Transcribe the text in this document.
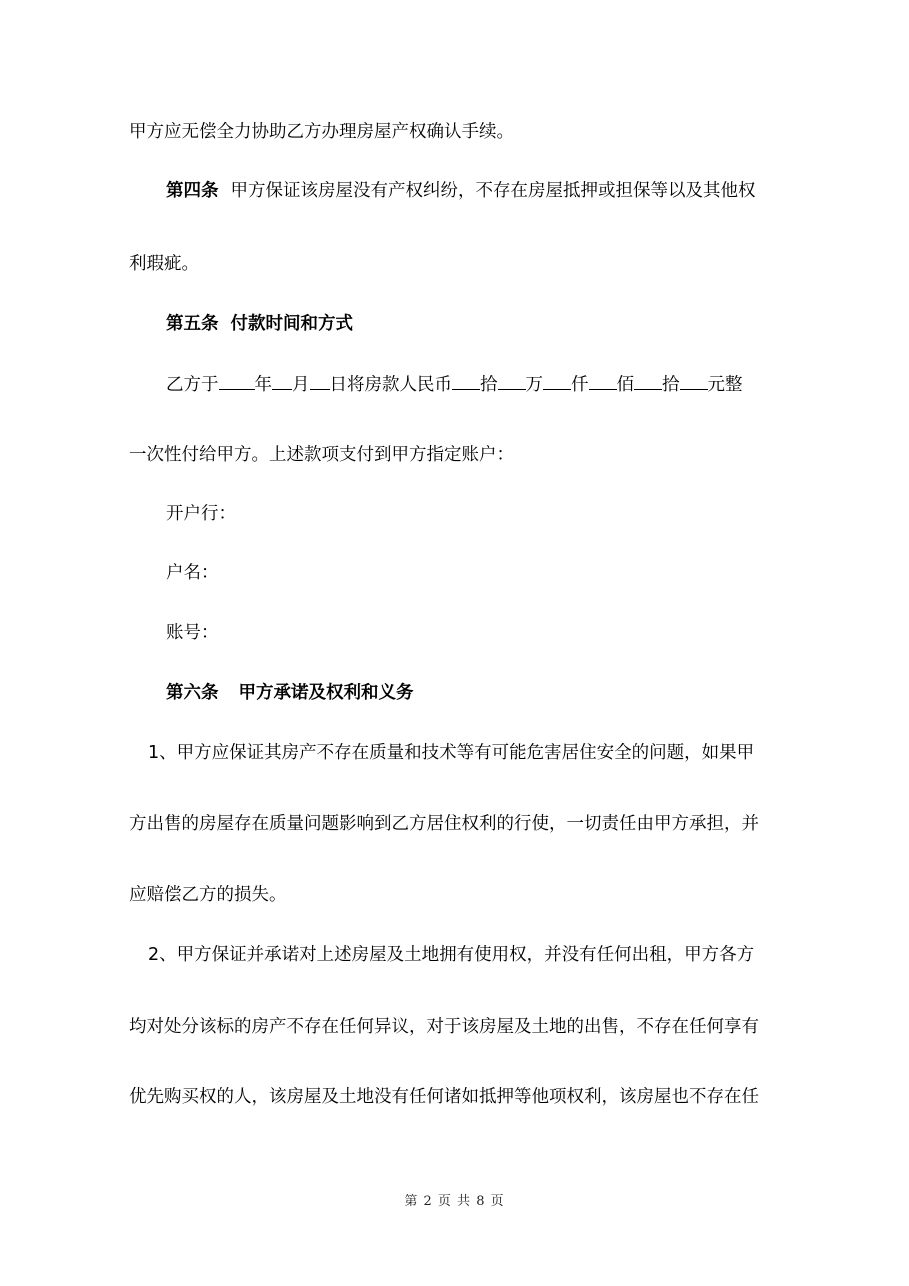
甲方应无偿全力协助乙方办理房屋产权确认手续。
第四条 甲方保证该房屋没有产权纠纷，不存在房屋抵押或担保等以及其他权
利瑕疵。
第五条 付款时间和方式
乙方于 年 月 日将房款人民币 拾 万 仟 佰 拾 元整
一次性付给甲方。上述款项支付到甲方指定账户：
开户行：
户名：
账号：
第六条 甲方承诺及权利和义务
1、甲方应保证其房产不存在质量和技术等有可能危害居住安全的问题，如果甲
方出售的房屋存在质量问题影响到乙方居住权利的行使，一切责任由甲方承担，并
应赔偿乙方的损失。
2、甲方保证并承诺对上述房屋及土地拥有使用权，并没有任何出租，甲方各方
均对处分该标的房产不存在任何异议，对于该房屋及土地的出售，不存在任何享有
优先购买权的人，该房屋及土地没有任何诸如抵押等他项权利，该房屋也不存在任
第 2 页 共 8 页
